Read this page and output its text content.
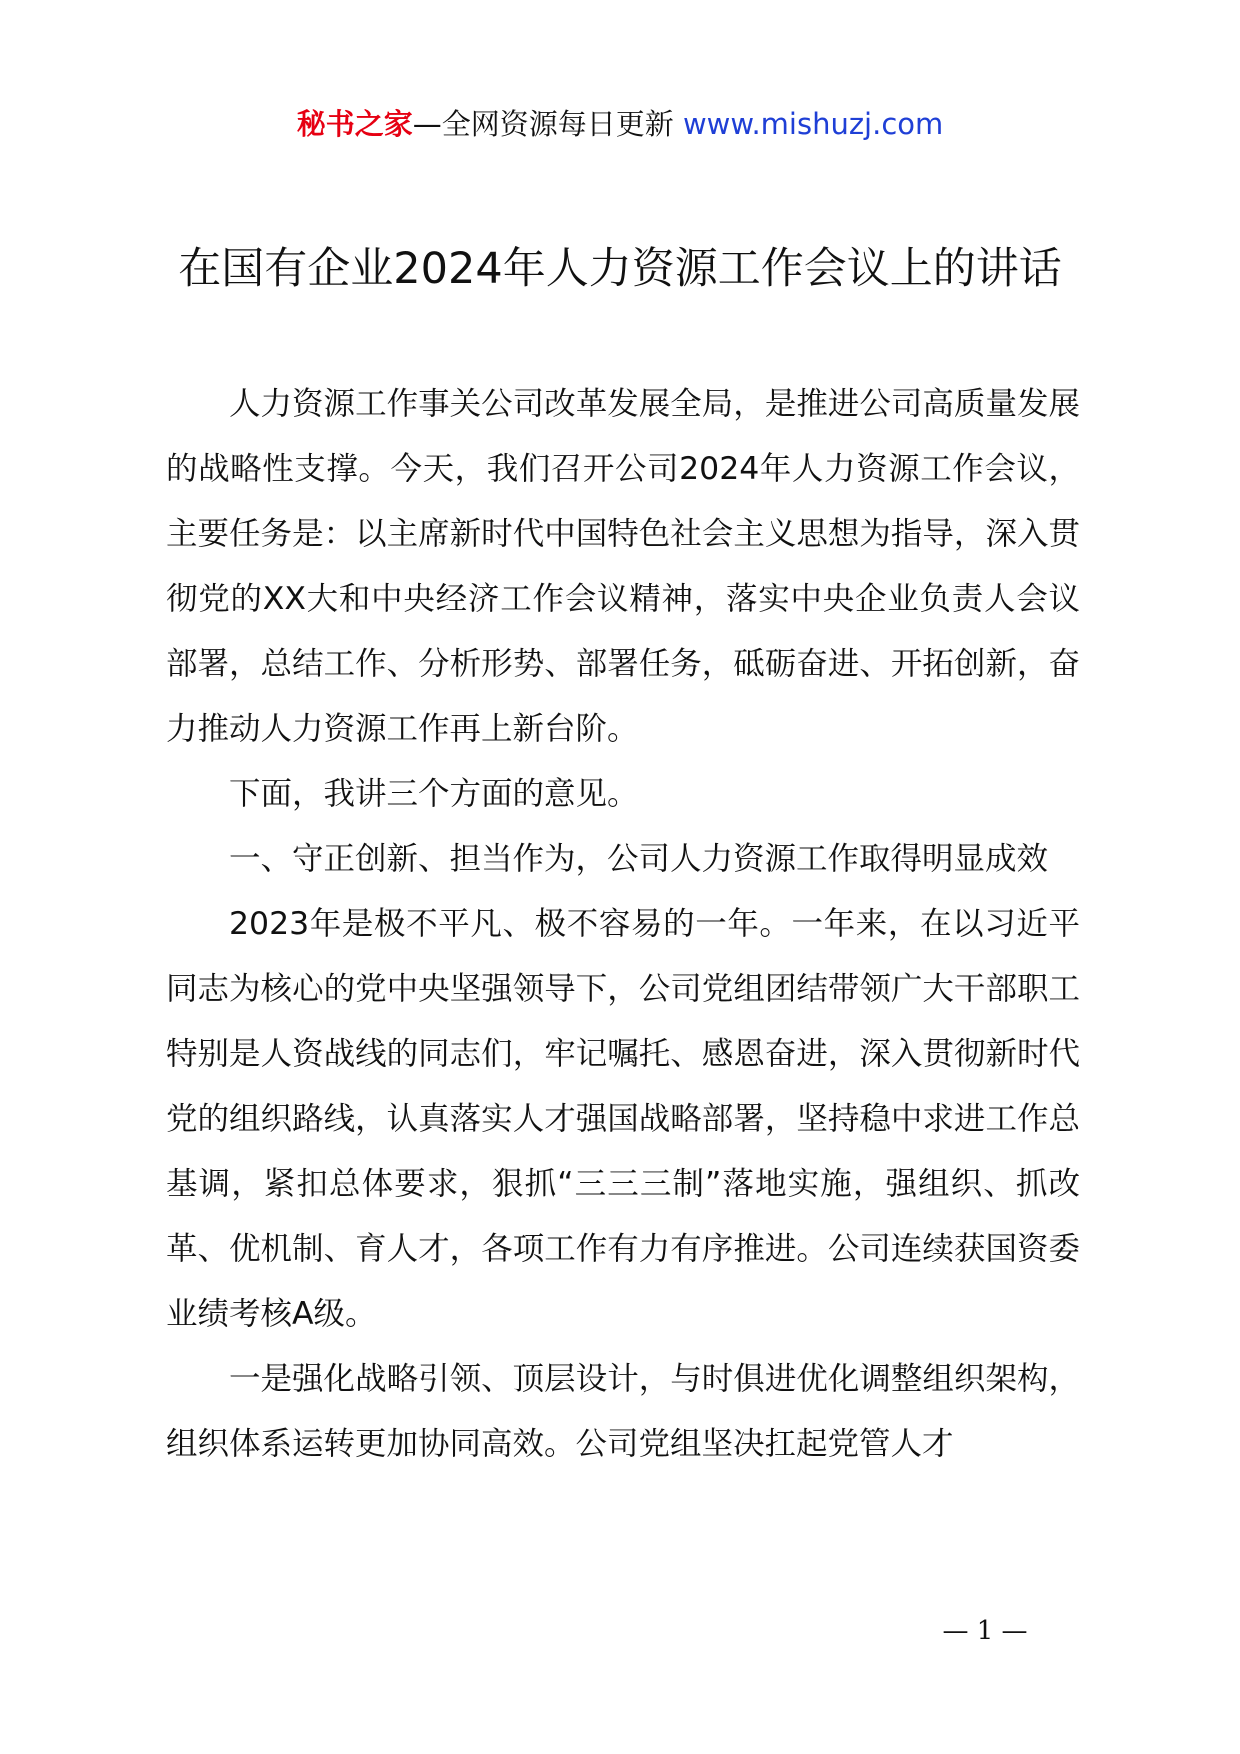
秘书之家—全网资源每日更新 www.mishuzj.com
在国有企业2024年人力资源工作会议上的讲话

人力资源工作事关公司改革发展全局，是推进公司高质量发展的战略性支撑。今天，我们召开公司2024年人力资源工作会议，主要任务是：以主席新时代中国特色社会主义思想为指导，深入贯彻党的XX大和中央经济工作会议精神，落实中央企业负责人会议部署，总结工作、分析形势、部署任务，砥砺奋进、开拓创新，奋力推动人力资源工作再上新台阶。

下面，我讲三个方面的意见。

一、守正创新、担当作为，公司人力资源工作取得明显成效

2023年是极不平凡、极不容易的一年。一年来，在以习近平同志为核心的党中央坚强领导下，公司党组团结带领广大干部职工特别是人资战线的同志们，牢记嘱托、感恩奋进，深入贯彻新时代党的组织路线，认真落实人才强国战略部署，坚持稳中求进工作总基调，紧扣总体要求，狠抓“三三三制”落地实施，强组织、抓改革、优机制、育人才，各项工作有力有序推进。公司连续获国资委业绩考核A级。

一是强化战略引领、顶层设计，与时俱进优化调整组织架构，组织体系运转更加协同高效。公司党组坚决扛起党管人才

— 1 —
